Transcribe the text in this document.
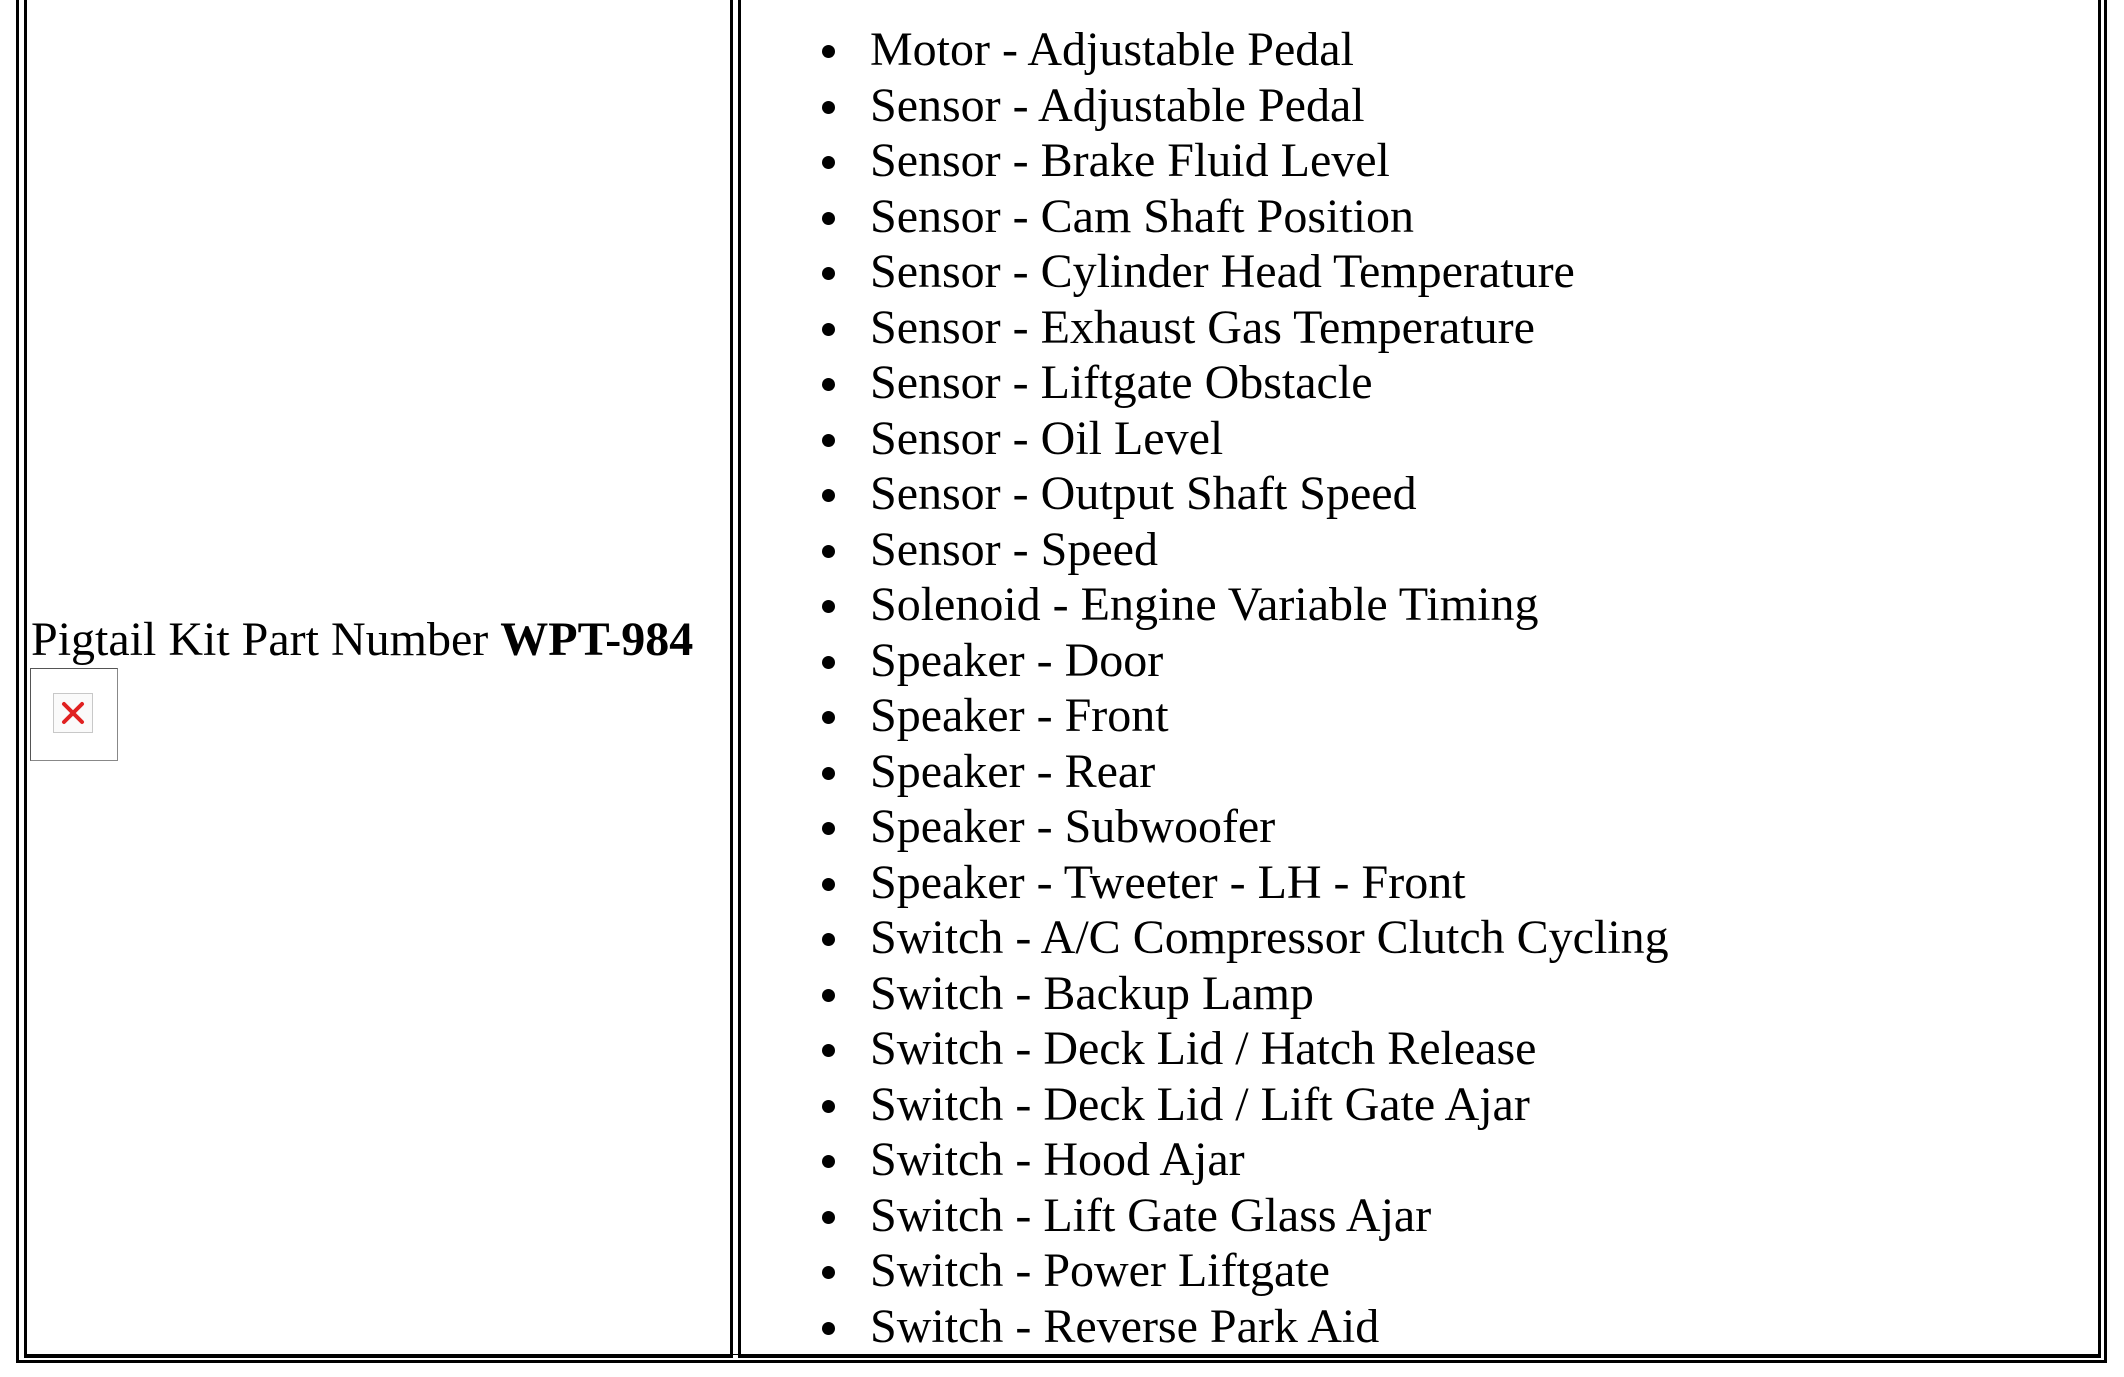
Pigtail Kit Part Number WPT-984
Motor - Adjustable Pedal
Sensor - Adjustable Pedal
Sensor - Brake Fluid Level
Sensor - Cam Shaft Position
Sensor - Cylinder Head Temperature
Sensor - Exhaust Gas Temperature
Sensor - Liftgate Obstacle
Sensor - Oil Level
Sensor - Output Shaft Speed
Sensor - Speed
Solenoid - Engine Variable Timing
Speaker - Door
Speaker - Front
Speaker - Rear
Speaker - Subwoofer
Speaker - Tweeter - LH - Front
Switch - A/C Compressor Clutch Cycling
Switch - Backup Lamp
Switch - Deck Lid / Hatch Release
Switch - Deck Lid / Lift Gate Ajar
Switch - Hood Ajar
Switch - Lift Gate Glass Ajar
Switch - Power Liftgate
Switch - Reverse Park Aid
